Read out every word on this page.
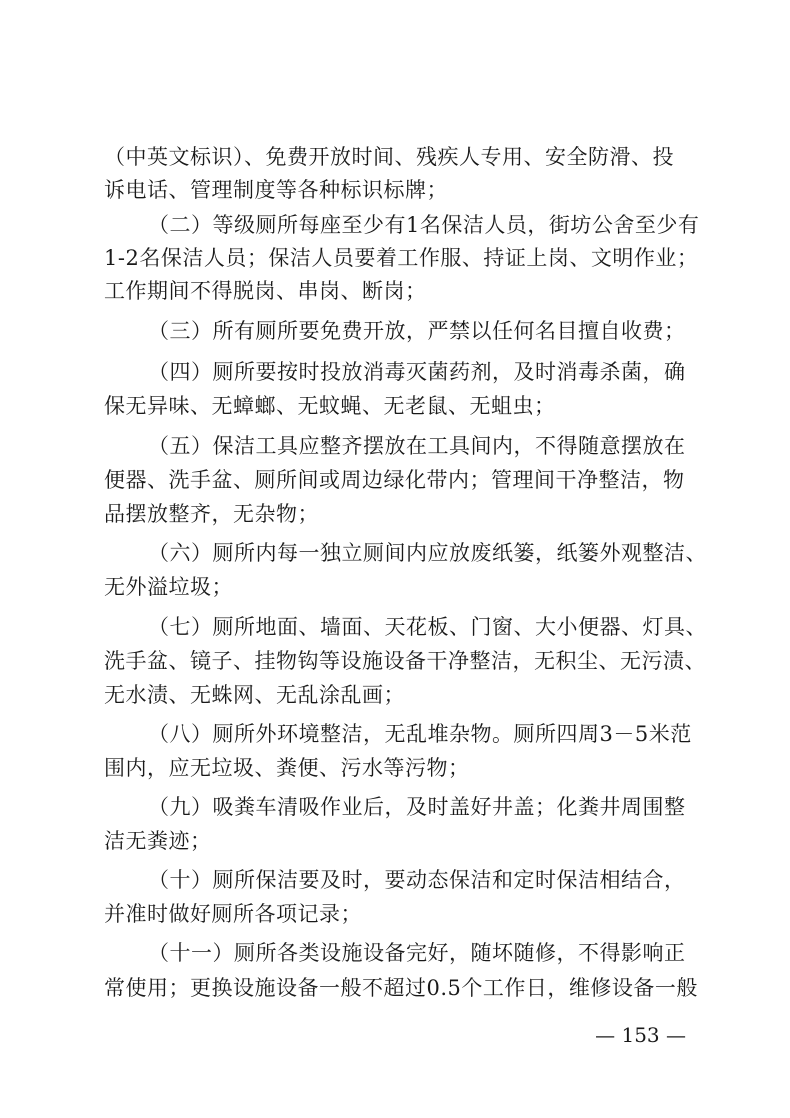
（中英文标识）、免费开放时间、残疾人专用、安全防滑、投
诉电话、管理制度等各种标识标牌；
（二）等级厕所每座至少有1名保洁人员，街坊公舍至少有
1-2名保洁人员；保洁人员要着工作服、持证上岗、文明作业；
工作期间不得脱岗、串岗、断岗；
（三）所有厕所要免费开放，严禁以任何名目擅自收费；
（四）厕所要按时投放消毒灭菌药剂，及时消毒杀菌，确
保无异味、无蟑螂、无蚊蝇、无老鼠、无蛆虫；
（五）保洁工具应整齐摆放在工具间内，不得随意摆放在
便器、洗手盆、厕所间或周边绿化带内；管理间干净整洁，物
品摆放整齐，无杂物；
（六）厕所内每一独立厕间内应放废纸篓，纸篓外观整洁、
无外溢垃圾；
（七）厕所地面、墙面、天花板、门窗、大小便器、灯具、
洗手盆、镜子、挂物钩等设施设备干净整洁，无积尘、无污渍、
无水渍、无蛛网、无乱涂乱画；
（八）厕所外环境整洁，无乱堆杂物。厕所四周3－5米范
围内，应无垃圾、粪便、污水等污物；
（九）吸粪车清吸作业后，及时盖好井盖；化粪井周围整
洁无粪迹；
（十）厕所保洁要及时，要动态保洁和定时保洁相结合，
并准时做好厕所各项记录；
（十一）厕所各类设施设备完好，随坏随修，不得影响正
常使用；更换设施设备一般不超过0.5个工作日，维修设备一般
— 153 —
